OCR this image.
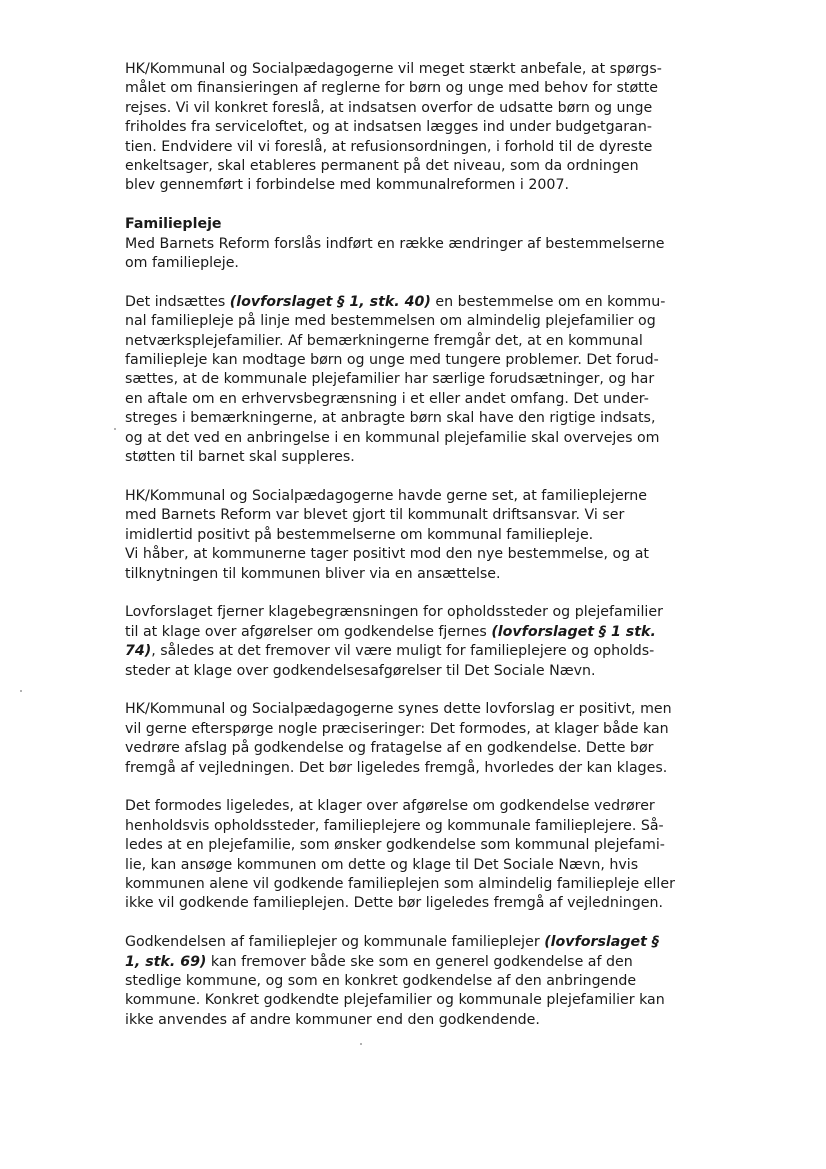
HK/Kommunal og Socialpædagogerne vil meget stærkt anbefale, at spørgs-
målet om finansieringen af reglerne for børn og unge med behov for støtte
rejses. Vi vil konkret foreslå, at indsatsen overfor de udsatte børn og unge
friholdes fra serviceloftet, og at indsatsen lægges ind under budgetgaran-
tien. Endvidere vil vi foreslå, at refusionsordningen, i forhold til de dyreste
enkeltsager, skal etableres permanent på det niveau, som da ordningen
blev gennemført i forbindelse med kommunalreformen i 2007.

Familiepleje

Med Barnets Reform forslås indført en række ændringer af bestemmelserne
om familiepleje.

Det indsættes (lovforslaget § 1, stk. 40) en bestemmelse om en kommu-
nal familiepleje på linje med bestemmelsen om almindelig plejefamilier og
netværksplejefamilier. Af bemærkningerne fremgår det, at en kommunal
familiepleje kan modtage børn og unge med tungere problemer. Det forud-
sættes, at de kommunale plejefamilier har særlige forudsætninger, og har
en aftale om en erhvervsbegrænsning i et eller andet omfang. Det under-
streges i bemærkningerne, at anbragte børn skal have den rigtige indsats,
og at det ved en anbringelse i en kommunal plejefamilie skal overvejes om
støtten til barnet skal suppleres.

HK/Kommunal og Socialpædagogerne havde gerne set, at familieplejerne
med Barnets Reform var blevet gjort til kommunalt driftsansvar. Vi ser
imidlertid positivt på bestemmelserne om kommunal familiepleje.
Vi håber, at kommunerne tager positivt mod den nye bestemmelse, og at
tilknytningen til kommunen bliver via en ansættelse.

Lovforslaget fjerner klagebegrænsningen for opholdssteder og plejefamilier
til at klage over afgørelser om godkendelse fjernes (lovforslaget § 1 stk.
74), således at det fremover vil være muligt for familieplejere og opholds-
steder at klage over godkendelsesafgørelser til Det Sociale Nævn.

HK/Kommunal og Socialpædagogerne synes dette lovforslag er positivt, men
vil gerne efterspørge nogle præciseringer: Det formodes, at klager både kan
vedrøre afslag på godkendelse og fratagelse af en godkendelse. Dette bør
fremgå af vejledningen. Det bør ligeledes fremgå, hvorledes der kan klages.

Det formodes ligeledes, at klager over afgørelse om godkendelse vedrører
henholdsvis opholdssteder, familieplejere og kommunale familieplejere. Så-
ledes at en plejefamilie, som ønsker godkendelse som kommunal plejefami-
lie, kan ansøge kommunen om dette og klage til Det Sociale Nævn, hvis
kommunen alene vil godkende familieplejen som almindelig familiepleje eller
ikke vil godkende familieplejen. Dette bør ligeledes fremgå af vejledningen.

Godkendelsen af familieplejer og kommunale familieplejer (lovforslaget §
1, stk. 69) kan fremover både ske som en generel godkendelse af den
stedlige kommune, og som en konkret godkendelse af den anbringende
kommune. Konkret godkendte plejefamilier og kommunale plejefamilier kan
ikke anvendes af andre kommuner end den godkendende.
